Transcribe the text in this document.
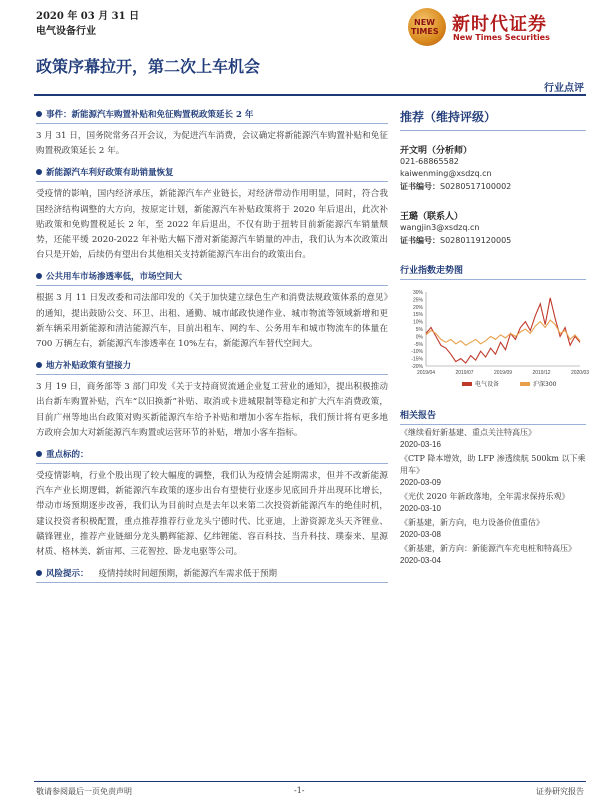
2020 年 03 月 31 日
电气设备行业
NEW
TIMES 新时代证券
New Times Securities
政策序幕拉开，第二次上车机会
行业点评
事件：新能源汽车购置补贴和免征购置税政策延长 2 年

3 月 31 日，国务院常务召开会议，为促进汽车消费，会议确定将新能源汽车购置补贴和免征购置税政策延长 2 年。

新能源汽车利好政策有助销量恢复

受疫情的影响，国内经济承压，新能源汽车产业链长，对经济带动作用明显，同时，符合我国经济结构调整的大方向，按原定计划，新能源汽车补贴政策将于 2020 年后退出，此次补贴政策和免购置税延长 2 年，至 2022 年后退出，不仅有助于扭转目前新能源汽车销量颓势，还能平缓 2020-2022 年补贴大幅下滑对新能源汽车销量的冲击，我们认为本次政策出台只是开始，后续仍有望出台其他相关支持新能源汽车出台的政策出台。

公共用车市场渗透率低，市场空间大

根据 3 月 11 日发改委和司法部印发的《关于加快建立绿色生产和消费法规政策体系的意见》的通知，提出鼓励公交、环卫、出租、通勤、城市邮政快递作业、城市物流等领域新增和更新车辆采用新能源和清洁能源汽车，目前出租车、网约车、公务用车和城市物流车的体量在 700 万辆左右，新能源汽车渗透率在 10%左右，新能源汽车替代空间大。

地方补贴政策有望接力

3 月 19 日，商务部等 3 部门印发《关于支持商贸流通企业复工营业的通知》，提出积极推动出台新车购置补贴，汽车“以旧换新”补贴、取消或卡进城限制等稳定和扩大汽车消费政策，目前广州等地出台政策对购买新能源汽车给予补贴和增加小客车指标，我们预计将有更多地方政府会加大对新能源汽车购置或运营环节的补贴，增加小客车指标。

重点标的：

受疫情影响，行业个股出现了较大幅度的调整，我们认为疫情会延期需求，但并不改新能源汽车产业长期逻辑，新能源汽车政策的逐步出台有望使行业逐步见底回升并出现环比增长，带动市场预期逐步改善，我们认为目前时点是去年以来第二次投资新能源汽车的绝佳时机，建议投资者积极配置，重点推荐推荐行业龙头宁德时代、比亚迪，上游资源龙头天齐锂业、赣锋锂业，推荐产业链細分龙头鹏辉能源、亿纬锂能、容百科技、当升科技、璞泰来、星源材质、格林美、新宙邦、三花智控、卧龙电驱等公司。

风险提示： 疫情持续时间超预期，新能源汽车需求低于预期
推荐（维持评级）
开文明（分析师）
021-68865582
kaiwenming@xsdzq.cn
证书编号：S0280517100002
王璐（联系人）
wangjin3@xsdzq.cn
证书编号：S0280119120005
行业指数走势图
30%
25%
20%
15%
10%
5%
0%
-5%
-10%
-15%
-20%
2019/04	2019/07	2019/09	2019/12	2020/03
电气设备	沪深300
相关报告
《继续看好新基建、重点关注特高压》
2020-03-16
《CTP 降本增效，助 LFP 渗透续航 500km 以下乘用车》
2020-03-09
《光伏 2020 年新政落地，全年需求保持乐观》
2020-03-10
《新基建，新方向，电力设备价值重估》
2020-03-08
《新基建，新方向：新能源汽车充电桩和特高压》
2020-03-04
敬请参阅最后一页免责声明	-1-	证券研究报告
